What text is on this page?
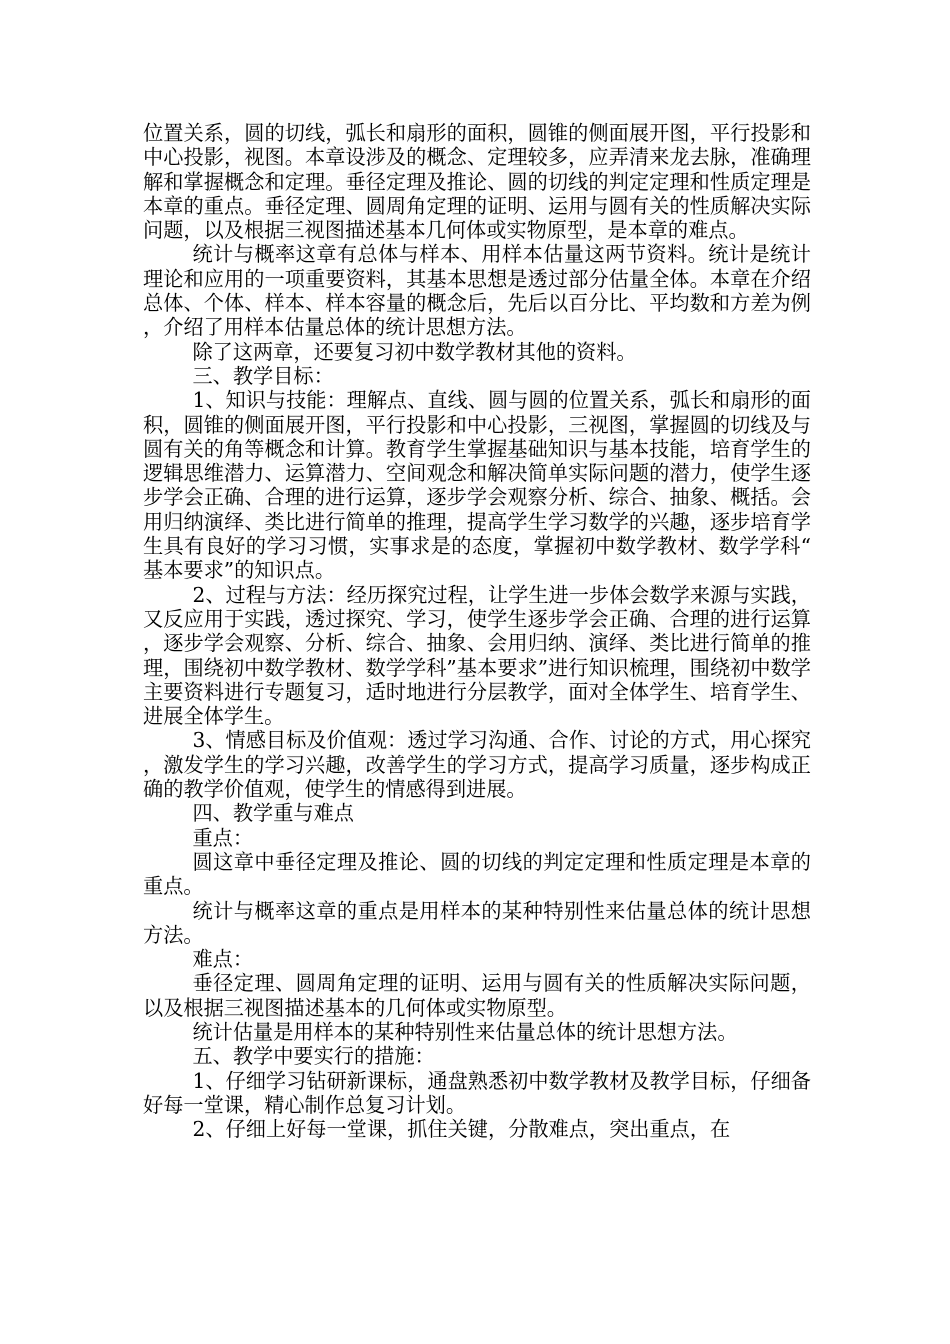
位置关系，圆的切线，弧长和扇形的面积，圆锥的侧面展开图，平行投影和中心投影，视图。本章设涉及的概念、定理较多，应弄清来龙去脉，准确理解和掌握概念和定理。垂径定理及推论、圆的切线的判定定理和性质定理是本章的重点。垂径定理、圆周角定理的证明、运用与圆有关的性质解决实际问题，以及根据三视图描述基本几何体或实物原型，是本章的难点。

统计与概率这章有总体与样本、用样本估量这两节资料。统计是统计理论和应用的一项重要资料，其基本思想是透过部分估量全体。本章在介绍总体、个体、样本、样本容量的概念后，先后以百分比、平均数和方差为例，介绍了用样本估量总体的统计思想方法。

除了这两章，还要复习初中数学教材其他的资料。

三、教学目标：

1、知识与技能：理解点、直线、圆与圆的位置关系，弧长和扇形的面积，圆锥的侧面展开图，平行投影和中心投影，三视图，掌握圆的切线及与圆有关的角等概念和计算。教育学生掌握基础知识与基本技能，培育学生的逻辑思维潜力、运算潜力、空间观念和解决简单实际问题的潜力，使学生逐步学会正确、合理的进行运算，逐步学会观察分析、综合、抽象、概括。会用归纳演绎、类比进行简单的推理，提高学生学习数学的兴趣，逐步培育学生具有良好的学习习惯，实事求是的态度，掌握初中数学教材、数学学科“基本要求”的知识点。

2、过程与方法：经历探究过程，让学生进一步体会数学来源与实践，又反应用于实践，透过探究、学习，使学生逐步学会正确、合理的进行运算，逐步学会观察、分析、综合、抽象、会用归纳、演绎、类比进行简单的推理，围绕初中数学教材、数学学科”基本要求”进行知识梳理，围绕初中数学主要资料进行专题复习，适时地进行分层教学，面对全体学生、培育学生、进展全体学生。

3、情感目标及价值观：透过学习沟通、合作、讨论的方式，用心探究，激发学生的学习兴趣，改善学生的学习方式，提高学习质量，逐步构成正确的教学价值观，使学生的情感得到进展。

四、教学重与难点

重点：

圆这章中垂径定理及推论、圆的切线的判定定理和性质定理是本章的重点。

统计与概率这章的重点是用样本的某种特别性来估量总体的统计思想方法。

难点：

垂径定理、圆周角定理的证明、运用与圆有关的性质解决实际问题，以及根据三视图描述基本的几何体或实物原型。

统计估量是用样本的某种特别性来估量总体的统计思想方法。

五、教学中要实行的措施：

1、仔细学习钻研新课标，通盘熟悉初中数学教材及教学目标，仔细备好每一堂课，精心制作总复习计划。

2、仔细上好每一堂课，抓住关键，分散难点，突出重点，在
